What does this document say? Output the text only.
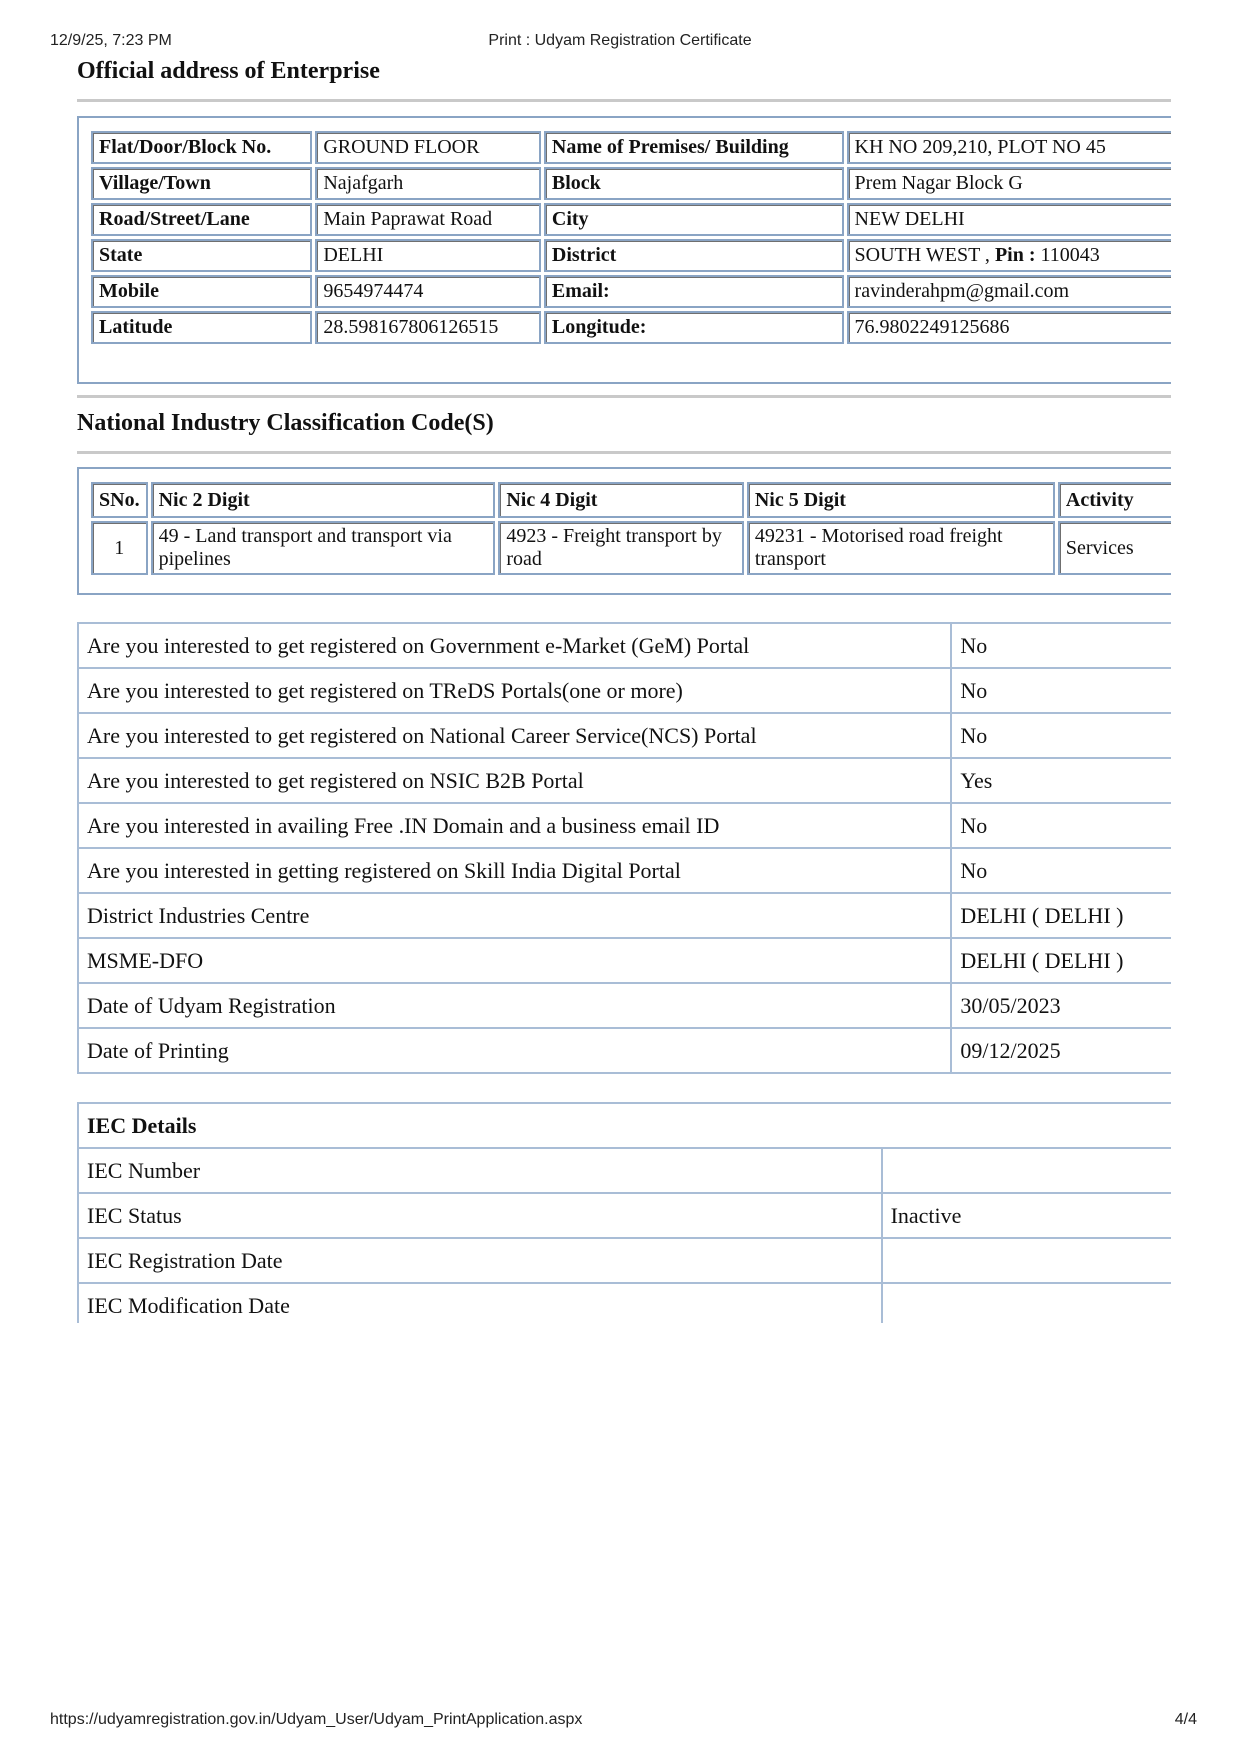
12/9/25, 7:23 PM	Print : Udyam Registration Certificate
Official address of Enterprise
Flat/Door/Block No.	GROUND FLOOR	Name of Premises/ Building	KH NO 209,210, PLOT NO 45
Village/Town	Najafgarh	Block	Prem Nagar Block G
Road/Street/Lane	Main Paprawat Road	City	NEW DELHI
State	DELHI	District	SOUTH WEST , Pin : 110043
Mobile	9654974474	Email:	ravinderahpm@gmail.com
Latitude	28.598167806126515	Longitude:	76.9802249125686
National Industry Classification Code(S)
SNo.	Nic 2 Digit	Nic 4 Digit	Nic 5 Digit	Activity
1	49 - Land transport and transport via pipelines	4923 - Freight transport by road	49231 - Motorised road freight transport	Services
Are you interested to get registered on Government e-Market (GeM) Portal	No
Are you interested to get registered on TReDS Portals(one or more)	No
Are you interested to get registered on National Career Service(NCS) Portal	No
Are you interested to get registered on NSIC B2B Portal	Yes
Are you interested in availing Free .IN Domain and a business email ID	No
Are you interested in getting registered on Skill India Digital Portal	No
District Industries Centre	DELHI ( DELHI )
MSME-DFO	DELHI ( DELHI )
Date of Udyam Registration	30/05/2023
Date of Printing	09/12/2025
IEC Details	
IEC Number	
IEC Status	Inactive
IEC Registration Date	
IEC Modification Date	
https://udyamregistration.gov.in/Udyam_User/Udyam_PrintApplication.aspx	4/4
